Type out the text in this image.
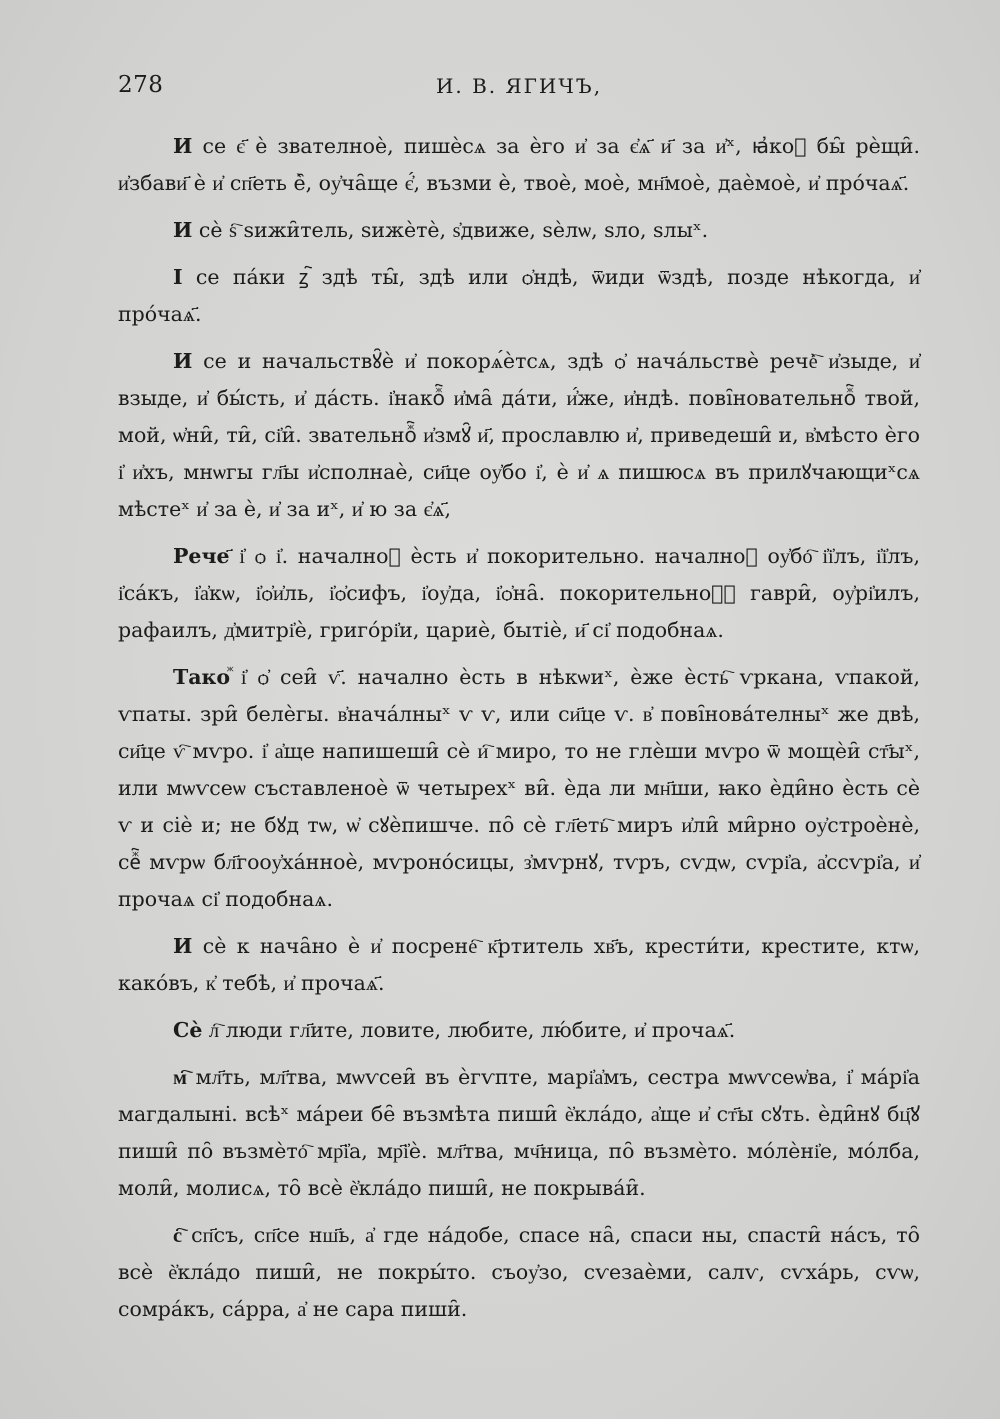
278	И. В. ЯГИЧЪ,

И се є҃ ѐ звателноѐ, пишѐсѧ за ѐго и҆ за є҆ѧ҃ и҃ за и҆ˣ, ꙗ҆коⷤ бы̑ рѐщи̑. и҆збави҃ ѐ и҆ сп҃еть ѐ̑, оу҆ча̑ще є҆́, възми ѐ, твоѐ, моѐ, мн҃моѐ, даѐмоѐ, и҆ про́чаѧ҃.

И сѐ ѕ҇ ѕижи̑тель, ѕижѐтѐ, ѕ҆движе, ѕѐлѡ, ѕло, ѕлыˣ.

І се па́ки ꙁ҇ здѣ ты̑, здѣ или ѻ҆ндѣ, ѿиди ѿздѣ, позде нѣкогда, и҆ про́чаѧ҃.

И се и начальствꙋ̑ѐ и҆ покорѧ́ѐтсѧ, здѣ ѻ҆ нача́льствѐ речѐ҇ и҆зыде, и҆ взыде, и҆ бы́сть, и҆ да́сть. і҆накоⷤ҇ и҆ма̑ да́ти, и҆́же, и҆ндѣ. пові̑новательноⷤ҇ твой, мой, ѡ҆ни̑, ти̑, сі҆и̑. звательноⷤ҇ и҆змꙋ̑ и҃, прославлю и҆, приведеши̑ и, в҆мѣсто ѐго і҆ и҆хъ, мнѡгы гл҃ы и҆сполнаѐ, си҃це оу҆бо і҆, ѐ и҆ ѧ пишюсѧ въ прилꙋчающиˣсѧ мѣстеˣ и҆ за ѐ, и҆ за иˣ, и҆ ю за є҆ѧ҃,

Рече҃ і҆ ѻ і҆. началноⷤ ѐсть и҆ покорительно. началноⷤ оу҆бо҇ і҆і҆лъ, і҆і҆лъ, і҆са́къ, і҆а҆кѡ, і҆ѻ҆и҆ль, і҆ѻ҆сифъ, і҆оу҆да, і҆ѻ҆на̑. покорительноⷤ҇ гаври̑, оу҆рі҆илъ, рафаилъ, д҆митрі҆ѐ, григо́рі҆и, цариѐ, бытіѐ, и҃ сі҆ подобнаѧ.

Такоⷤ і҆ ѻ҆ сеи̑ ѵ҃. начално ѐсть в нѣкѡиˣ, ѐже ѐсть҇ ѵркана, ѵпакой, ѵпаты. зри̑ белѐгы. в҆нача́лныˣ ѵ ѵ, или си҃це ѵ. в҆ пові̑нова́телныˣ же двѣ, си҃це ѵ҇ мѵро. і҆ а҆ще напишеши̑ сѐ и҇ миро, то не глѐши мѵро ѿ мощѐи̑ ст҃ыˣ, или мѡѵсеѡ съставленоѐ ѿ четырехˣ ви̑. ѐда ли мн҃ши, ꙗко ѐди̑но ѐсть сѐ ѵ и сіѐ и; не бꙋд тѡ, ѡ҆ сꙋѐпишче. по̑ сѐ гл҃еть҇ миръ и҆ли̑ ми̑рно оу҆строѐнѐ, сеⷤ҇ мѵрѡ бл҃гооу҆ха́нноѐ, мѵроно́сицы, з҆мѵрнꙋ, тѵръ, сѵдѡ, сѵрі҆а, а҆ссѵрі҆а, и҆ прочаѧ сі҆ подобнаѧ.

И сѐ к нача̑но ѐ и҆ посрене҇ к҃ртитель хв҃ъ, крести́ти, крестите, ктѡ, како́въ, к҆ тебѣ, и҆ прочаѧ҃.

Сѐ л҇ люди гл҃ите, ловите, любите, лю́бите, и҆ прочаѧ҃.

м҇ мл҃ть, мл҃тва, мѡѵсеи̑ въ ѐгѵпте, марі҆а҆мъ, сестра мѡѵсеѡ҆ва, і҆ ма́рі҆а магдалыні. всѣˣ ма́реи бе̑ възмѣта пиши̑ ѐ҆кла́до, а҆ще и҆ ст҃ы сꙋть. ѐди̑нꙋ бц҃ꙋ пиши̑ по̑ възмѐто҇ мр҃і҆а, мр҃і҆ѐ. мл҃тва, мч҃ница, по̑ възмѐто. мо́лѐні҆е, мо́лба, моли̑, молисѧ, то̑ всѐ ѐ҆кла́до пиши̑, не покрыва́и̑.

с҇ сп҃съ, сп҃се нш҃ь, а҆ где на́добе, спасе на̑, спаси ны, спасти̑ на́съ, то̑ всѐ ѐ҆кла́до пиши̑, не покры́то. съоу҆зо, сѵезаѐми, салѵ, сѵха́рь, сѵѡ, сомра́къ, са́рра, а҆ не сара пиши̑.
